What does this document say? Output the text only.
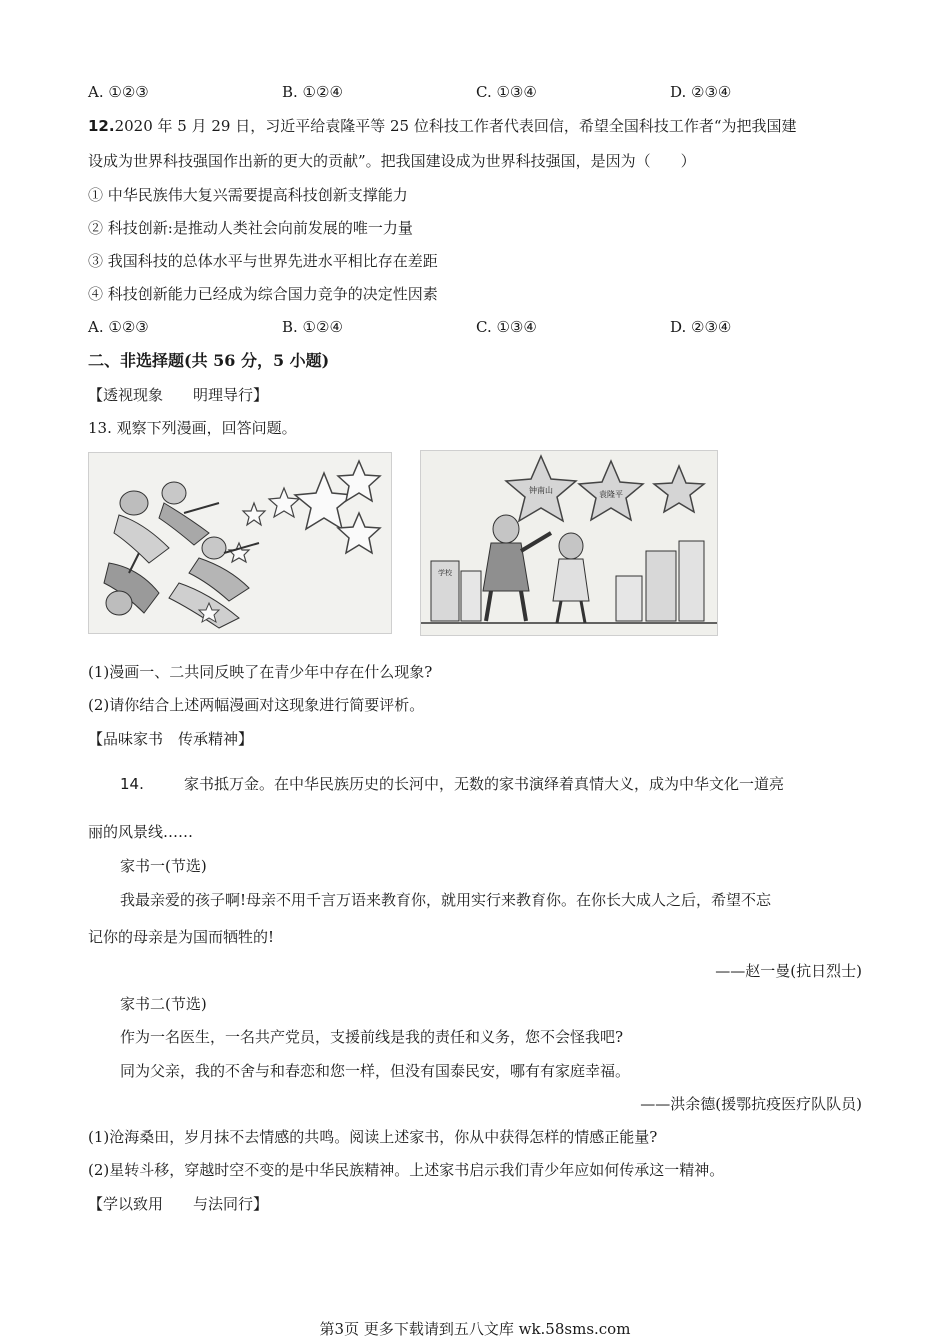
A. ①②③	B. ①②④	C. ①③④	D. ②③④
12.2020 年 5 月 29 日，习近平给袁隆平等 25 位科技工作者代表回信，希望全国科技工作者“为把我国建
设成为世界科技强国作出新的更大的贡献”。把我国建设成为世界科技强国，是因为（　　）
① 中华民族伟大复兴需要提高科技创新支撑能力
② 科技创新:是推动人类社会向前发展的唯一力量
③ 我国科技的总体水平与世界先进水平相比存在差距
④ 科技创新能力已经成为综合国力竞争的决定性因素
A. ①②③	B. ①②④	C. ①③④	D. ②③④
二、非选择题(共 56 分，5 小题)
【透视现象　　明理导行】
13. 观察下列漫画，回答问题。
钟南山	袁隆平
学校
(1)漫画一、二共同反映了在青少年中存在什么现象?
(2)请你结合上述两幅漫画对这现象进行简要评析。
【品味家书　传承精神】
14.	家书抵万金。在中华民族历史的长河中，无数的家书演绎着真情大义，成为中华文化一道亮
丽的风景线……
家书一(节选)
我最亲爱的孩子啊!母亲不用千言万语来教育你，就用实行来教育你。在你长大成人之后，希望不忘
记你的母亲是为国而牺牲的!
——赵一曼(抗日烈士)
家书二(节选)
作为一名医生，一名共产党员，支援前线是我的责任和义务，您不会怪我吧?
同为父亲，我的不舍与和春恋和您一样，但没有国泰民安，哪有有家庭幸福。
——洪余德(援鄂抗疫医疗队队员)
(1)沧海桑田，岁月抹不去情感的共鸣。阅读上述家书，你从中获得怎样的情感正能量?
(2)星转斗移，穿越时空不变的是中华民族精神。上述家书启示我们青少年应如何传承这一精神。
【学以致用　　与法同行】
第3页 更多下载请到五八文库 wk.58sms.com
